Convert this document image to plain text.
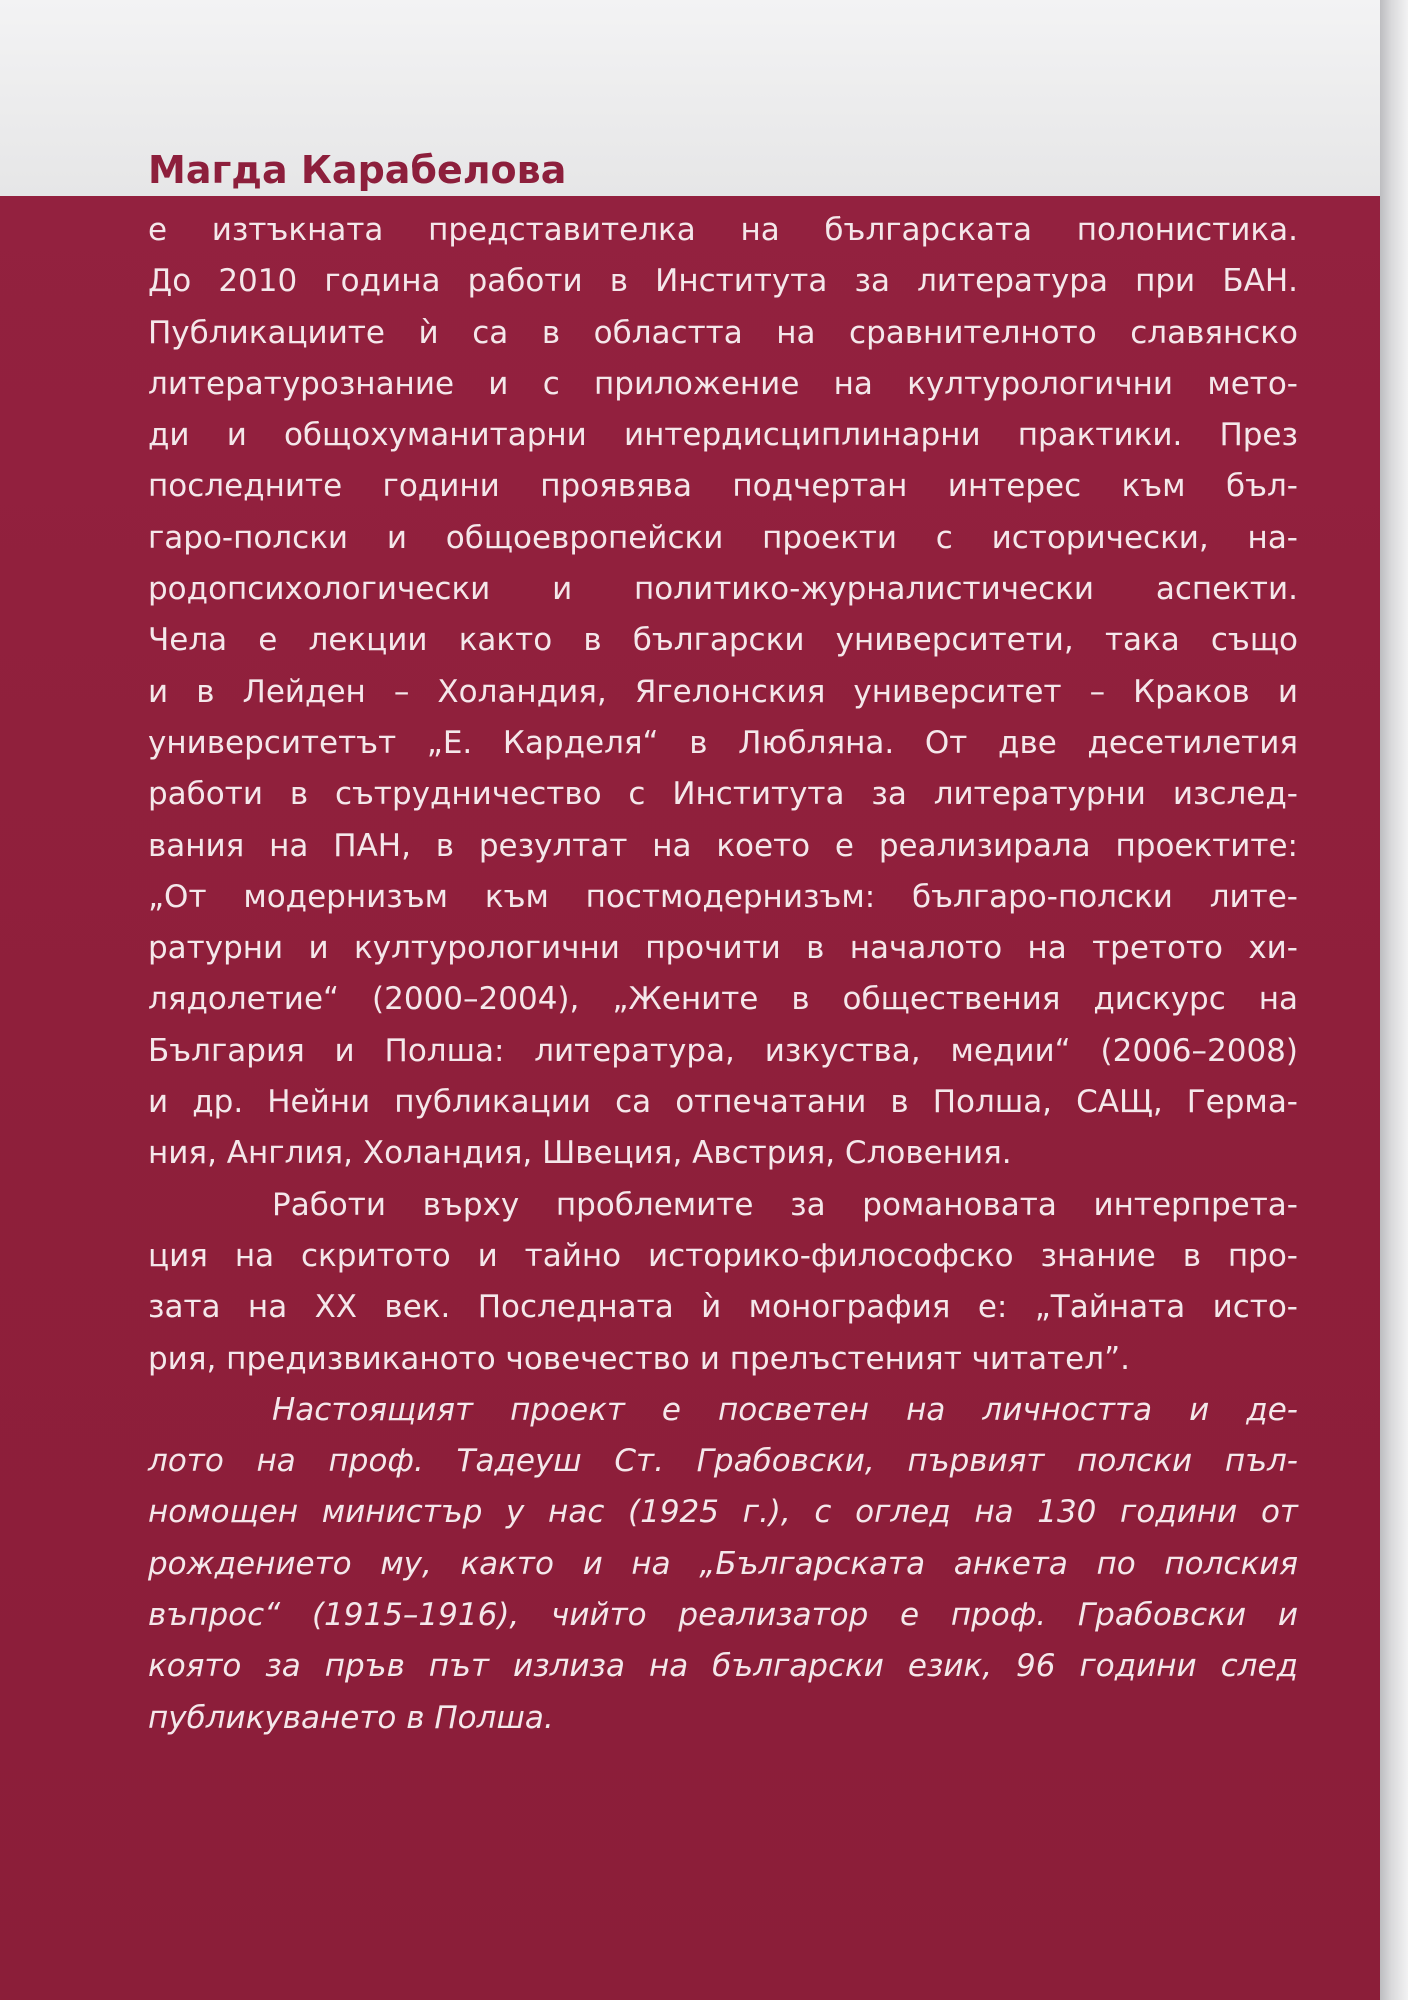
Магда Карабелова
е изтъкната представителка на българската полонистика.
До 2010 година работи в Института за литература при БАН.
Публикациите ѝ са в областта на сравнителното славянско
литературознание и с приложение на културологични мето-
ди и общохуманитарни интердисциплинарни практики. През
последните години проявява подчертан интерес към бъл-
гаро-полски и общоевропейски проекти с исторически, на-
родопсихологически и политико-журналистически аспекти.
Чела е лекции както в български университети, така също
и в Лейден – Холандия, Ягелонския университет – Краков и
университетът „Е. Карделя“ в Любляна. От две десетилетия
работи в сътрудничество с Института за литературни изслед-
вания на ПАН, в резултат на което е реализирала проектите:
„От модернизъм към постмодернизъм: българо-полски лите-
ратурни и културологични прочити в началото на третото хи-
лядолетие“ (2000–2004), „Жените в обществения дискурс на
България и Полша: литература, изкуства, медии“ (2006–2008)
и др. Нейни публикации са отпечатани в Полша, САЩ, Герма-
ния, Англия, Холандия, Швеция, Австрия, Словения.
Работи върху проблемите за романовата интерпрета-
ция на скритото и тайно историко-философско знание в про-
зата на ХХ век. Последната ѝ монография е: „Тайната исто-
рия, предизвиканото човечество и прелъстеният читател”.
Настоящият проект е посветен на личността и де-
лото на проф. Тадеуш Ст. Грабовски, първият полски пъл-
номощен министър у нас (1925 г.), с оглед на 130 години от
рождението му, както и на „Българската анкета по полския
въпрос“ (1915–1916), чийто реализатор е проф. Грабовски и
която за пръв път излиза на български език, 96 години след
публикуването в Полша.
